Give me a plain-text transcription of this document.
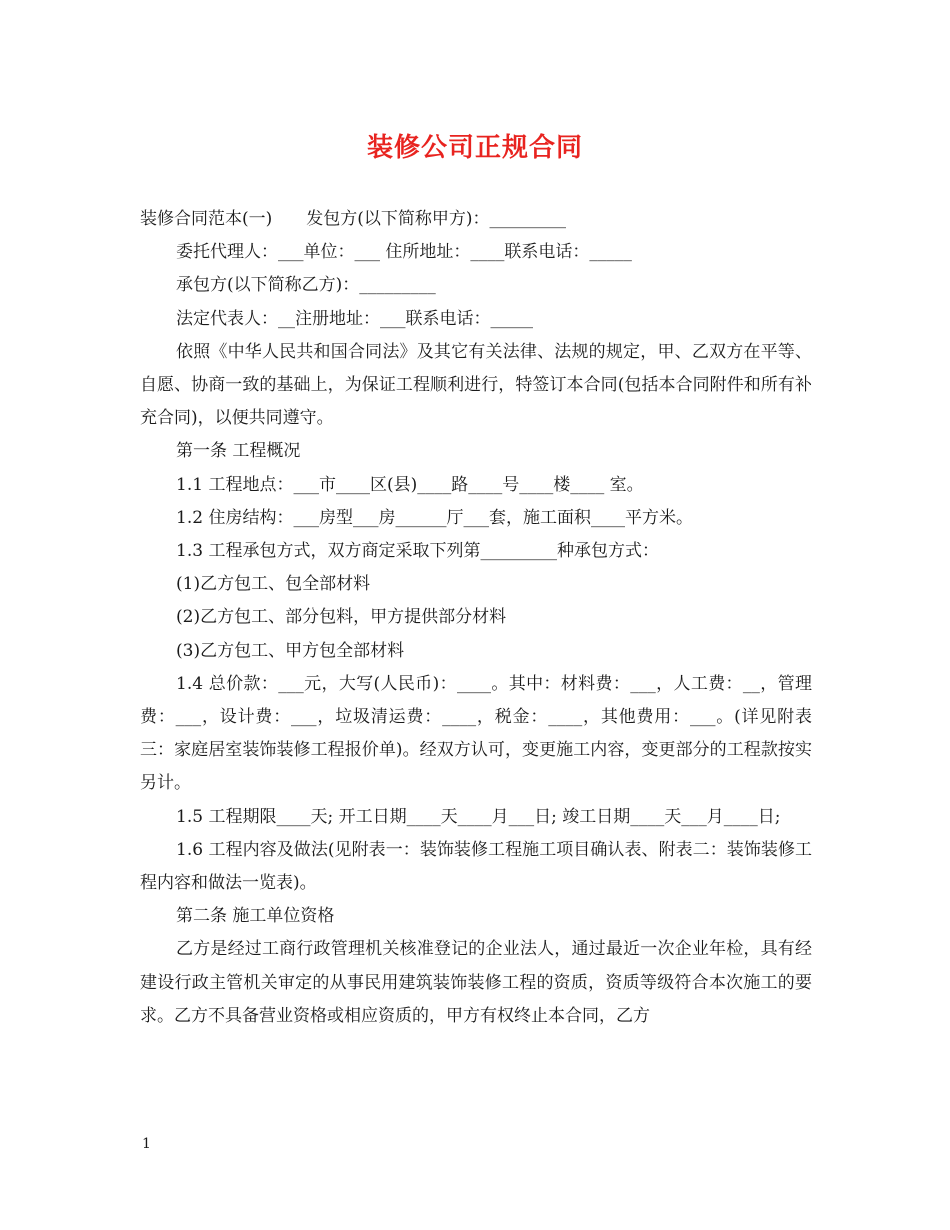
装修公司正规合同

装修合同范本(一)　　发包方(以下简称甲方)：_________

委托代理人：___单位：___ 住所地址：____联系电话：_____

承包方(以下简称乙方)：_________

法定代表人：__注册地址：___联系电话：_____

依照《中华人民共和国合同法》及其它有关法律、法规的规定，甲、乙双方在平等、自愿、协商一致的基础上，为保证工程顺利进行，特签订本合同(包括本合同附件和所有补充合同)，以便共同遵守。

第一条 工程概况

1.1 工程地点：___市____区(县)____路____号____楼____ 室。

1.2 住房结构：___房型___房______厅___套，施工面积____平方米。

1.3 工程承包方式，双方商定采取下列第_________种承包方式：

(1)乙方包工、包全部材料

(2)乙方包工、部分包料，甲方提供部分材料

(3)乙方包工、甲方包全部材料

1.4 总价款：___元，大写(人民币)：____。其中：材料费：___，人工费：__，管理费：___，设计费：___，垃圾清运费：____，税金：____，其他费用：___。(详见附表三：家庭居室装饰装修工程报价单)。经双方认可，变更施工内容，变更部分的工程款按实另计。

1.5 工程期限____天; 开工日期____天____月___日; 竣工日期____天___月____日;

1.6 工程内容及做法(见附表一：装饰装修工程施工项目确认表、附表二：装饰装修工程内容和做法一览表)。

第二条 施工单位资格

乙方是经过工商行政管理机关核准登记的企业法人，通过最近一次企业年检，具有经建设行政主管机关审定的从事民用建筑装饰装修工程的资质，资质等级符合本次施工的要求。乙方不具备营业资格或相应资质的，甲方有权终止本合同，乙方

1
